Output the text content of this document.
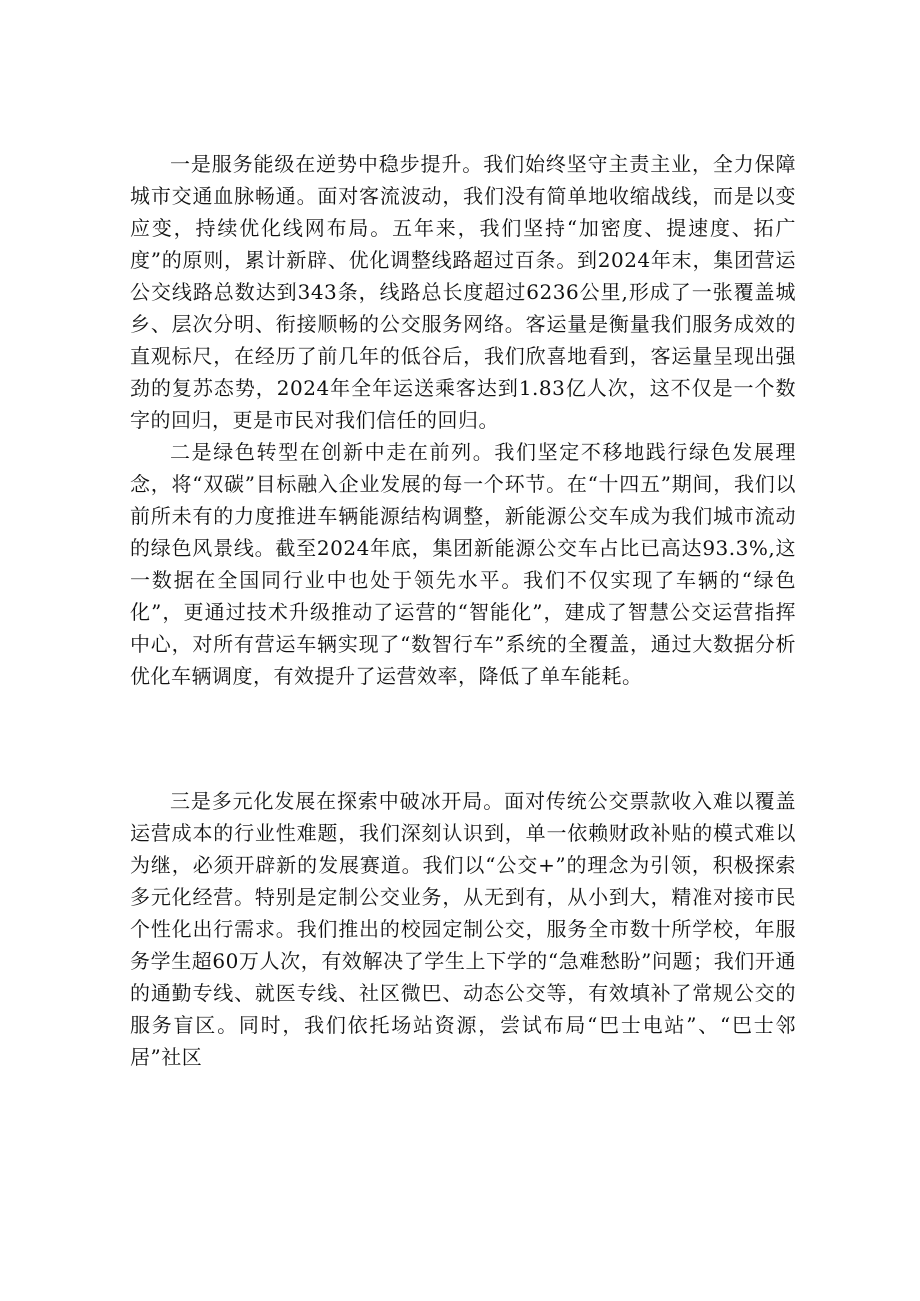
一是服务能级在逆势中稳步提升。我们始终坚守主责主业，全力保障城市交通血脉畅通。面对客流波动，我们没有简单地收缩战线，而是以变应变，持续优化线网布局。五年来，我们坚持“加密度、提速度、拓广度”的原则，累计新辟、优化调整线路超过百条。到2024年末，集团营运公交线路总数达到343条，线路总长度超过6236公里,形成了一张覆盖城乡、层次分明、衔接顺畅的公交服务网络。客运量是衡量我们服务成效的直观标尺，在经历了前几年的低谷后，我们欣喜地看到，客运量呈现出强劲的复苏态势，2024年全年运送乘客达到1.83亿人次，这不仅是一个数字的回归，更是市民对我们信任的回归。

二是绿色转型在创新中走在前列。我们坚定不移地践行绿色发展理念，将“双碳”目标融入企业发展的每一个环节。在“十四五”期间，我们以前所未有的力度推进车辆能源结构调整，新能源公交车成为我们城市流动的绿色风景线。截至2024年底，集团新能源公交车占比已高达93.3%,这一数据在全国同行业中也处于领先水平。我们不仅实现了车辆的“绿色化”，更通过技术升级推动了运营的“智能化”，建成了智慧公交运营指挥中心，对所有营运车辆实现了“数智行车”系统的全覆盖，通过大数据分析优化车辆调度，有效提升了运营效率，降低了单车能耗。

三是多元化发展在探索中破冰开局。面对传统公交票款收入难以覆盖运营成本的行业性难题，我们深刻认识到，单一依赖财政补贴的模式难以为继，必须开辟新的发展赛道。我们以“公交+”的理念为引领，积极探索多元化经营。特别是定制公交业务，从无到有，从小到大，精准对接市民个性化出行需求。我们推出的校园定制公交，服务全市数十所学校，年服务学生超60万人次，有效解决了学生上下学的“急难愁盼”问题；我们开通的通勤专线、就医专线、社区微巴、动态公交等，有效填补了常规公交的服务盲区。同时，我们依托场站资源，尝试布局“巴士电站”、“巴士邻居”社区
